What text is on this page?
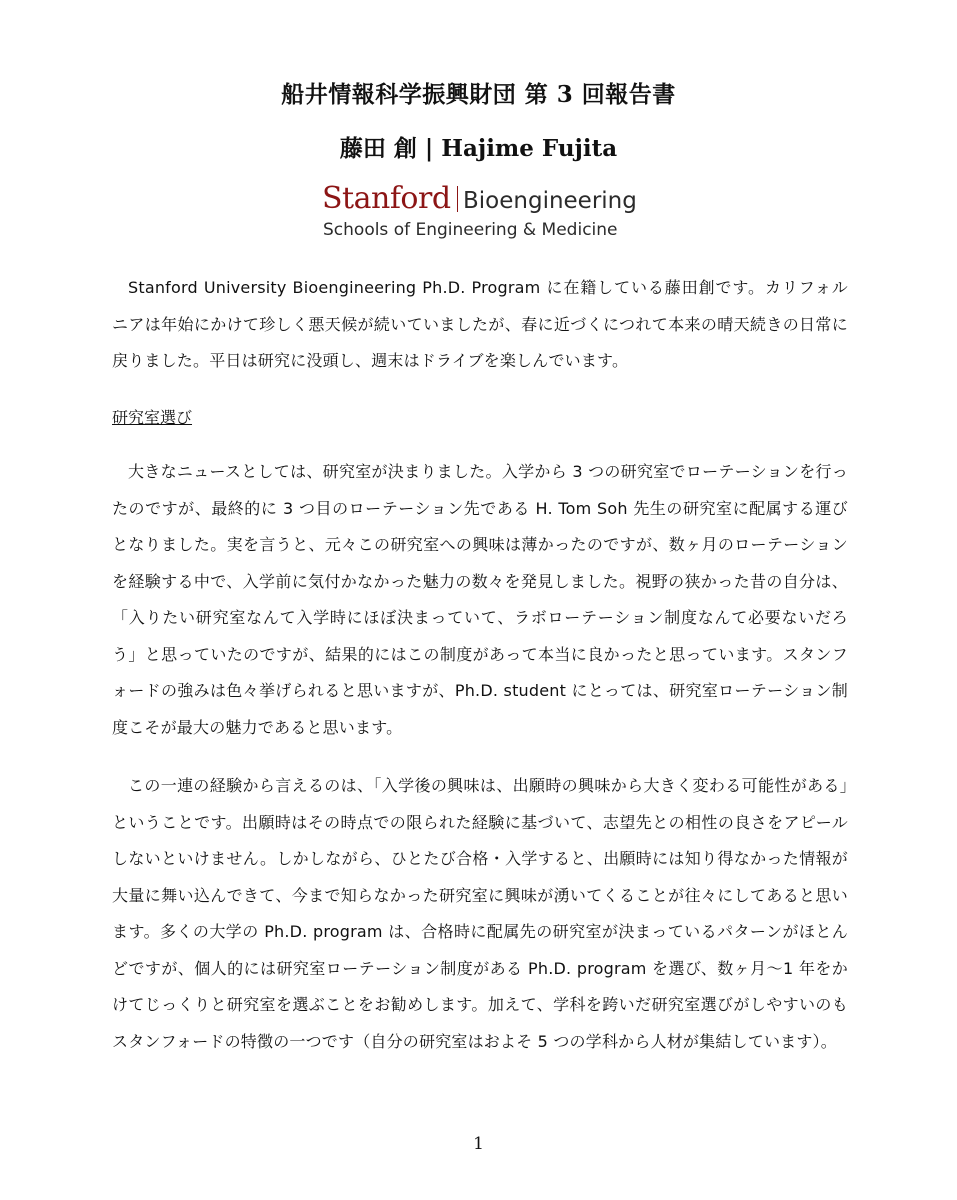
船井情報科学振興財団 第 3 回報告書
藤田 創 | Hajime Fujita
Stanford Bioengineering
Schools of Engineering & Medicine

Stanford University Bioengineering Ph.D. Program に在籍している藤田創です。カリフォルニアは年始にかけて珍しく悪天候が続いていましたが、春に近づくにつれて本来の晴天続きの日常に戻りました。平日は研究に没頭し、週末はドライブを楽しんでいます。

研究室選び

大きなニュースとしては、研究室が決まりました。入学から 3 つの研究室でローテーションを行ったのですが、最終的に 3 つ目のローテーション先である H. Tom Soh 先生の研究室に配属する運びとなりました。実を言うと、元々この研究室への興味は薄かったのですが、数ヶ月のローテーションを経験する中で、入学前に気付かなかった魅力の数々を発見しました。視野の狭かった昔の自分は、「入りたい研究室なんて入学時にほぼ決まっていて、ラボローテーション制度なんて必要ないだろう」と思っていたのですが、結果的にはこの制度があって本当に良かったと思っています。スタンフォードの強みは色々挙げられると思いますが、Ph.D. student にとっては、研究室ローテーション制度こそが最大の魅力であると思います。

この一連の経験から言えるのは、「入学後の興味は、出願時の興味から大きく変わる可能性がある」ということです。出願時はその時点での限られた経験に基づいて、志望先との相性の良さをアピールしないといけません。しかしながら、ひとたび合格・入学すると、出願時には知り得なかった情報が大量に舞い込んできて、今まで知らなかった研究室に興味が湧いてくることが往々にしてあると思います。多くの大学の Ph.D. program は、合格時に配属先の研究室が決まっているパターンがほとんどですが、個人的には研究室ローテーション制度がある Ph.D. program を選び、数ヶ月～1 年をかけてじっくりと研究室を選ぶことをお勧めします。加えて、学科を跨いだ研究室選びがしやすいのもスタンフォードの特徴の一つです（自分の研究室はおよそ 5 つの学科から人材が集結しています）。

1
